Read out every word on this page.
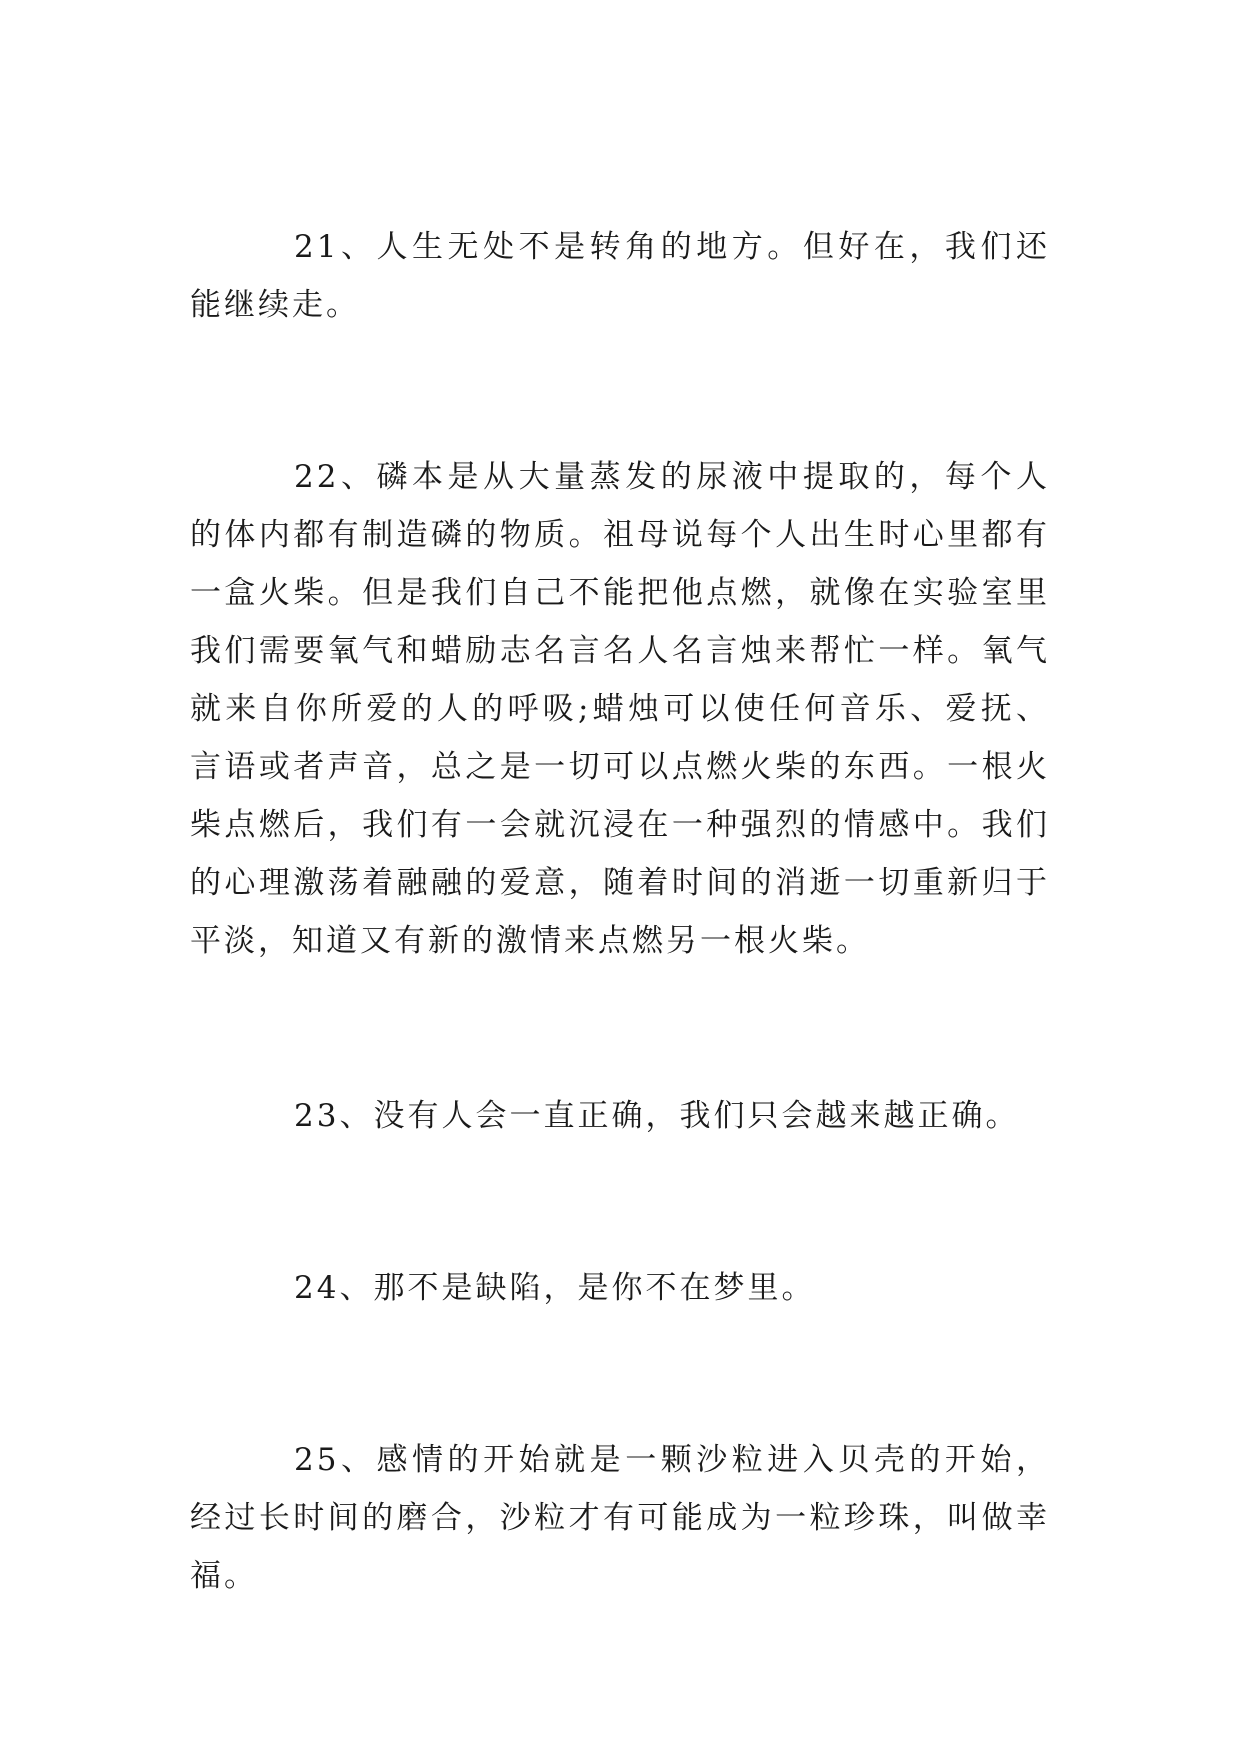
21、人生无处不是转角的地方。但好在，我们还能继续走。

22、磷本是从大量蒸发的尿液中提取的，每个人的体内都有制造磷的物质。祖母说每个人出生时心里都有一盒火柴。但是我们自己不能把他点燃，就像在实验室里我们需要氧气和蜡励志名言名人名言烛来帮忙一样。氧气就来自你所爱的人的呼吸;蜡烛可以使任何音乐、爱抚、言语或者声音，总之是一切可以点燃火柴的东西。一根火柴点燃后，我们有一会就沉浸在一种强烈的情感中。我们的心理激荡着融融的爱意，随着时间的消逝一切重新归于平淡，知道又有新的激情来点燃另一根火柴。

23、没有人会一直正确，我们只会越来越正确。

24、那不是缺陷，是你不在梦里。

25、感情的开始就是一颗沙粒进入贝壳的开始，经过长时间的磨合，沙粒才有可能成为一粒珍珠，叫做幸福。
